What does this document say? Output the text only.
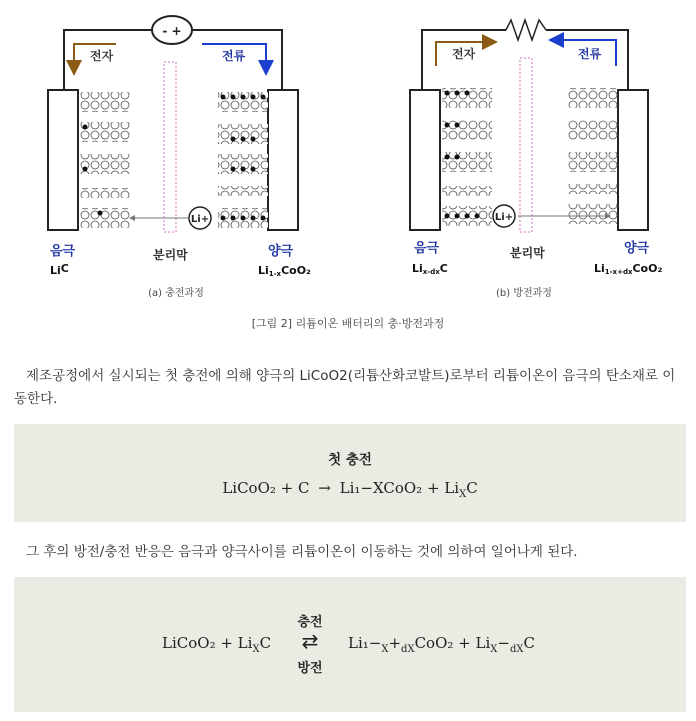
- +
전자	전류
Li+
음극
LiC
분리막	양극
Li1-xCoO₂
(a) 충전과정
전자	전류
Li+
음극
Lix-dxC
분리막	양극
Li1-x+dxCoO₂
(b) 방전과정
[그림 2] 리튬이온 배터리의 충·방전과정
제조공정에서 실시되는 첫 충전에 의해 양극의 LiCoO2(리튬산화코발트)로부터 리튬이온이 음극의 탄소재로 이동한다.
첫 충전
LiCoO₂ + C → Li₁−XCoO₂ + $Li_XC$
그 후의 방전/충전 반응은 음극과 양극사이를 리튬이온이 이동하는 것에 의하여 일어나게 된다.
LiCoO₂ + $Li_XC$
충전
⇄
방전
$Li_1-_X+_{dX}CoO_2 + Li_X-_{dX}C$
